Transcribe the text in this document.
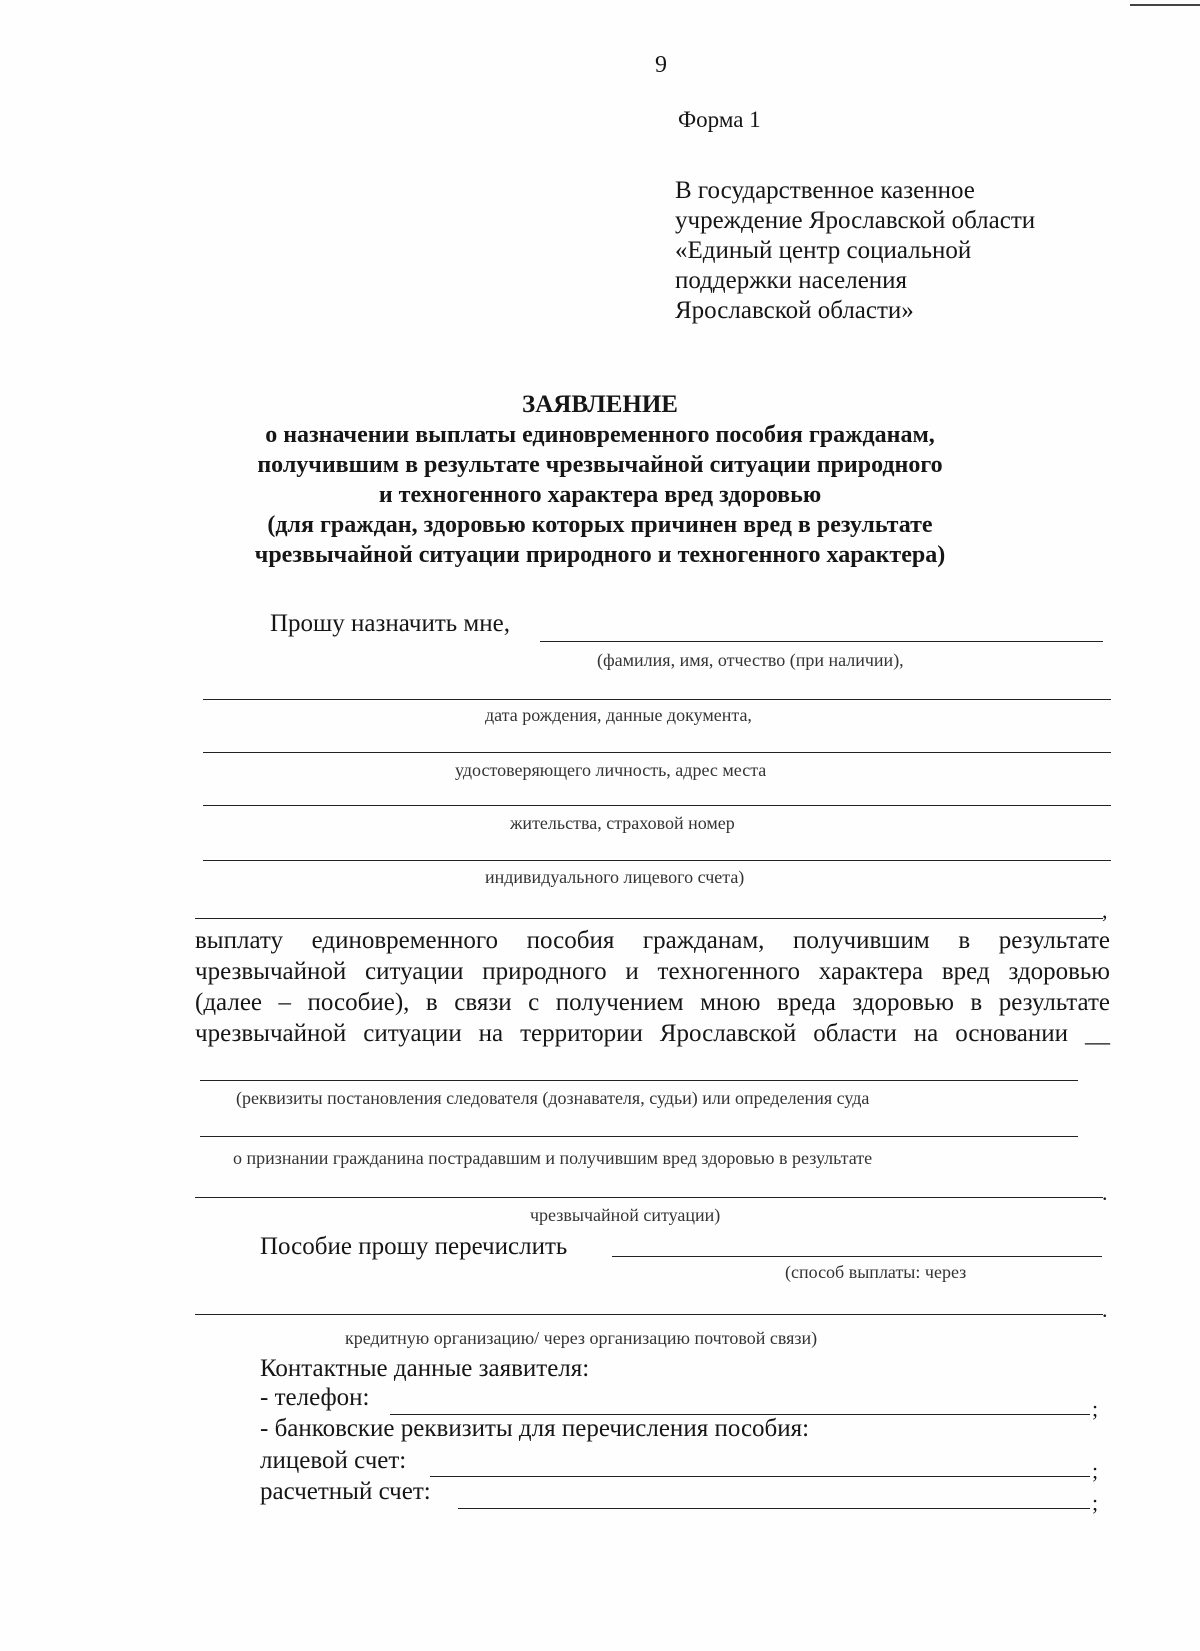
9
Форма 1
В государственное казенное
учреждение Ярославской области
«Единый центр социальной
поддержки населения
Ярославской области»
ЗАЯВЛЕНИЕ
о назначении выплаты единовременного пособия гражданам,
получившим в результате чрезвычайной ситуации природного
и техногенного характера вред здоровью
(для граждан, здоровью которых причинен вред в результате
чрезвычайной ситуации природного и техногенного характера)
Прошу назначить мне,
(фамилия, имя, отчество (при наличии),
дата рождения, данные документа,
удостоверяющего личность, адрес места
жительства, страховой номер
индивидуального лицевого счета)
,
выплату единовременного пособия гражданам, получившим в результате
чрезвычайной ситуации природного и техногенного характера вред здоровью
(далее – пособие), в связи с получением мною вреда здоровью в результате
чрезвычайной ситуации на территории Ярославской области на основании __
(реквизиты постановления следователя (дознавателя, судьи) или определения суда
о признании гражданина пострадавшим и получившим вред здоровью в результате
.
чрезвычайной ситуации)
Пособие прошу перечислить
(способ выплаты: через
.
кредитную организацию/ через организацию почтовой связи)
Контактные данные заявителя:
- телефон:	;
- банковские реквизиты для перечисления пособия:
лицевой счет:	;
расчетный счет:	;
